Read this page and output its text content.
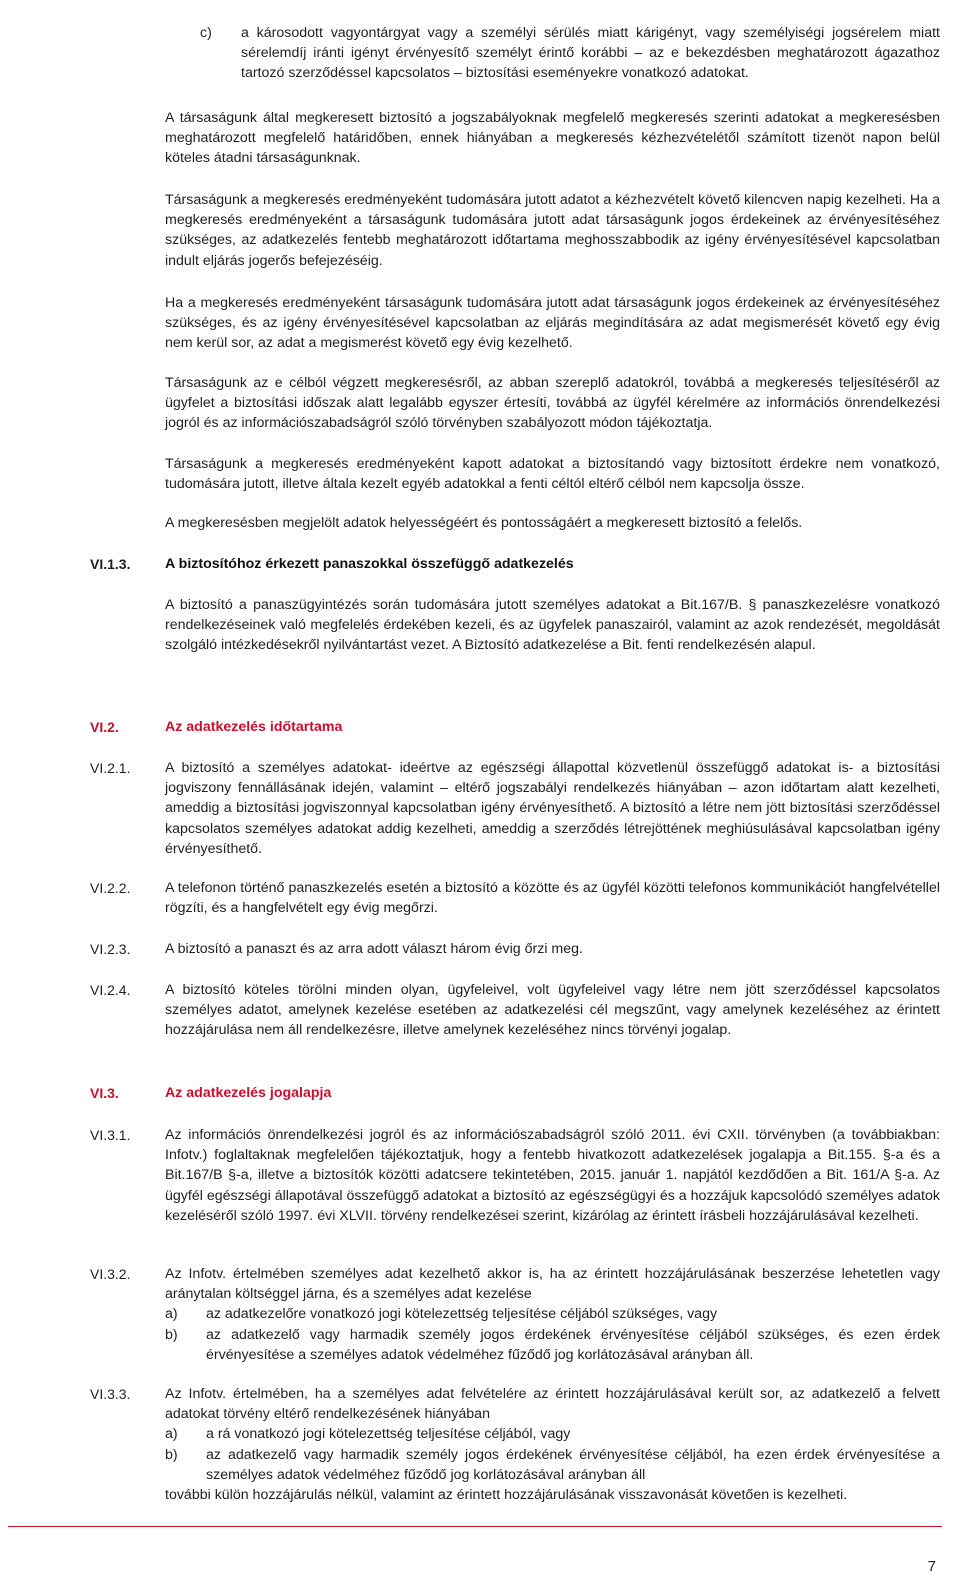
c) a károsodott vagyontárgyat vagy a személyi sérülés miatt kárigényt, vagy személyiségi jogsérelem miatt sérelemdíj iránti igényt érvényesítő személyt érintő korábbi – az e bekezdésben meghatározott ágazathoz tartozó szerződéssel kapcsolatos – biztosítási eseményekre vonatkozó adatokat.
A társaságunk által megkeresett biztosító a jogszabályoknak megfelelő megkeresés szerinti adatokat a megkeresésben meghatározott megfelelő határidőben, ennek hiányában a megkeresés kézhezvételétől számított tizenöt napon belül köteles átadni társaságunknak.
Társaságunk a megkeresés eredményeként tudomására jutott adatot a kézhezvételt követő kilencven napig kezelheti. Ha a megkeresés eredményeként a társaságunk tudomására jutott adat társaságunk jogos érdekeinek az érvényesítéséhez szükséges, az adatkezelés fentebb meghatározott időtartama meghosszabbodik az igény érvényesítésével kapcsolatban indult eljárás jogerős befejezéséig.
Ha a megkeresés eredményeként társaságunk tudomására jutott adat társaságunk jogos érdekeinek az érvényesítéséhez szükséges, és az igény érvényesítésével kapcsolatban az eljárás megindítására az adat megismerését követő egy évig nem kerül sor, az adat a megismerést követő egy évig kezelhető.
Társaságunk az e célból végzett megkeresésről, az abban szereplő adatokról, továbbá a megkeresés teljesítéséről az ügyfelet a biztosítási időszak alatt legalább egyszer értesíti, továbbá az ügyfél kérelmére az információs önrendelkezési jogról és az információszabadságról szóló törvényben szabályozott módon tájékoztatja.
Társaságunk a megkeresés eredményeként kapott adatokat a biztosítandó vagy biztosított érdekre nem vonatkozó, tudomására jutott, illetve általa kezelt egyéb adatokkal a fenti céltól eltérő célból nem kapcsolja össze.
A megkeresésben megjelölt adatok helyességéért és pontosságáért a megkeresett biztosító a felelős.
VI.1.3. A biztosítóhoz érkezett panaszokkal összefüggő adatkezelés
A biztosító a panaszügyintézés során tudomására jutott személyes adatokat a Bit.167/B. § panaszkezelésre vonatkozó rendelkezéseinek való megfelelés érdekében kezeli, és az ügyfelek panaszairól, valamint az azok rendezését, megoldását szolgáló intézkedésekről nyilvántartást vezet. A Biztosító adatkezelése a Bit. fenti rendelkezésén alapul.
VI.2.	Az adatkezelés időtartama
VI.2.1. A biztosító a személyes adatokat- ideértve az egészségi állapottal közvetlenül összefüggő adatokat is- a biztosítási jogviszony fennállásának idején, valamint – eltérő jogszabályi rendelkezés hiányában – azon időtartam alatt kezelheti, ameddig a biztosítási jogviszonnyal kapcsolatban igény érvényesíthető. A biztosító a létre nem jött biztosítási szerződéssel kapcsolatos személyes adatokat addig kezelheti, ameddig a szerződés létrejöttének meghiúsulásával kapcsolatban igény érvényesíthető.
VI.2.2. A telefonon történő panaszkezelés esetén a biztosító a közötte és az ügyfél közötti telefonos kommunikációt hangfelvétellel rögzíti, és a hangfelvételt egy évig megőrzi.
VI.2.3. A biztosító a panaszt és az arra adott választ három évig őrzi meg.
VI.2.4. A biztosító köteles törölni minden olyan, ügyfeleivel, volt ügyfeleivel vagy létre nem jött szerződéssel kapcsolatos személyes adatot, amelynek kezelése esetében az adatkezelési cél megszűnt, vagy amelynek kezeléséhez az érintett hozzájárulása nem áll rendelkezésre, illetve amelynek kezeléséhez nincs törvényi jogalap.
VI.3.	Az adatkezelés jogalapja
VI.3.1. Az információs önrendelkezési jogról és az információszabadságról szóló 2011. évi CXII. törvényben (a továbbiakban: Infotv.) foglaltaknak megfelelően tájékoztatjuk, hogy a fentebb hivatkozott adatkezelések jogalapja a Bit.155. §-a és a Bit.167/B §-a, illetve a biztosítók közötti adatcsere tekintetében, 2015. január 1. napjától kezdődően a Bit. 161/A §-a. Az ügyfél egészségi állapotával összefüggő adatokat a biztosító az egészségügyi és a hozzájuk kapcsolódó személyes adatok kezeléséről szóló 1997. évi XLVII. törvény rendelkezései szerint, kizárólag az érintett írásbeli hozzájárulásával kezelheti.
VI.3.2. Az Infotv. értelmében személyes adat kezelhető akkor is, ha az érintett hozzájárulásának beszerzése lehetetlen vagy aránytalan költséggel járna, és a személyes adat kezelése
a) az adatkezelőre vonatkozó jogi kötelezettség teljesítése céljából szükséges, vagy
b) az adatkezelő vagy harmadik személy jogos érdekének érvényesítése céljából szükséges, és ezen érdek érvényesítése a személyes adatok védelméhez fűződő jog korlátozásával arányban áll.
VI.3.3. Az Infotv. értelmében, ha a személyes adat felvételére az érintett hozzájárulásával került sor, az adatkezelő a felvett adatokat törvény eltérő rendelkezésének hiányában
a) a rá vonatkozó jogi kötelezettség teljesítése céljából, vagy
b) az adatkezelő vagy harmadik személy jogos érdekének érvényesítése céljából, ha ezen érdek érvényesítése a személyes adatok védelméhez fűződő jog korlátozásával arányban áll
további külön hozzájárulás nélkül, valamint az érintett hozzájárulásának visszavonását követően is kezelheti.
7
